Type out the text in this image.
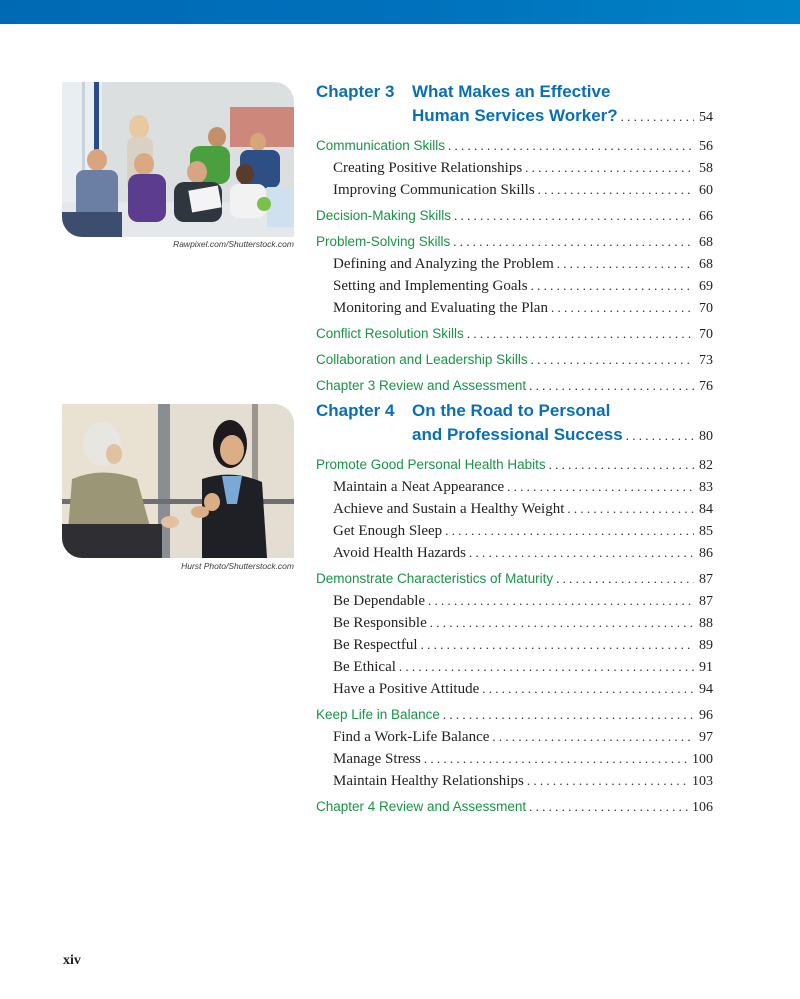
Rawpixel.com/Shutterstock.com
Hurst Photo/Shutterstock.com
Chapter 3 What Makes an Effective
Human Services Worker? . . .	54
Communication Skills . . .	56
Creating Positive Relationships . . .	58
Improving Communication Skills . . .	60
Decision-Making Skills . . .	66
Problem-Solving Skills . . .	68
Defining and Analyzing the Problem . . .	68
Setting and Implementing Goals . . .	69
Monitoring and Evaluating the Plan . . .	70
Conflict Resolution Skills . . .	70
Collaboration and Leadership Skills . . .	73
Chapter 3 Review and Assessment . . .	76
Chapter 4 On the Road to Personal
and Professional Success . . .	80
Promote Good Personal Health Habits . . .	82
Maintain a Neat Appearance . . .	83
Achieve and Sustain a Healthy Weight . . .	84
Get Enough Sleep . . .	85
Avoid Health Hazards . . .	86
Demonstrate Characteristics of Maturity . . .	87
Be Dependable . . .	87
Be Responsible . . .	88
Be Respectful . . .	89
Be Ethical . . .	91
Have a Positive Attitude . . .	94
Keep Life in Balance . . .	96
Find a Work-Life Balance . . .	97
Manage Stress . . .	100
Maintain Healthy Relationships . . .	103
Chapter 4 Review and Assessment . . .	106
xiv
